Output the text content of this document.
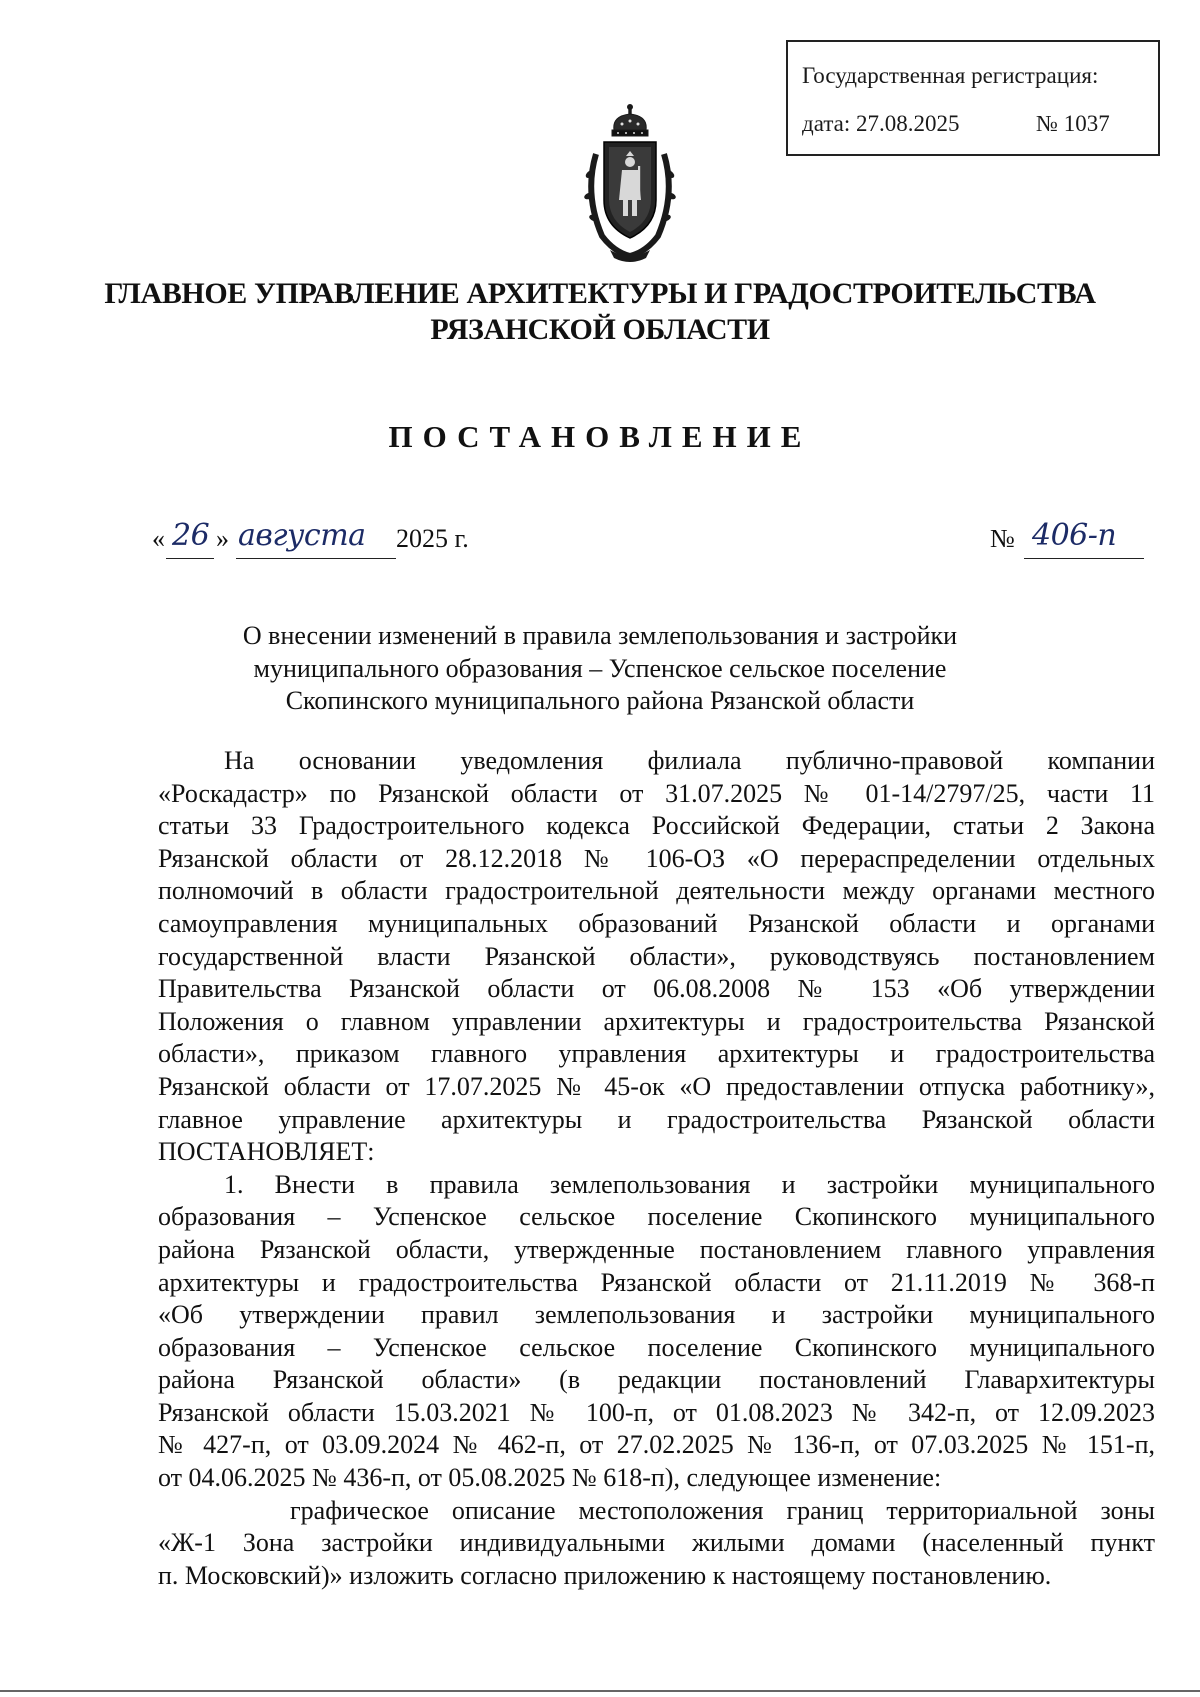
Государственная регистрация:
дата: 27.08.2025	№ 1037
ГЛАВНОЕ УПРАВЛЕНИЕ АРХИТЕКТУРЫ И ГРАДОСТРОИТЕЛЬСТВА
РЯЗАНСКОЙ ОБЛАСТИ
ПОСТАНОВЛЕНИЕ
« 26 » августа 2025 г.	№ 406-п
О внесении изменений в правила землепользования и застройки
муниципального образования – Успенское сельское поселение
Скопинского муниципального района Рязанской области
На основании уведомления филиала публично-правовой компании
«Роскадастр» по Рязанской области от 31.07.2025 № 01-14/2797/25, части 11
статьи 33 Градостроительного кодекса Российской Федерации, статьи 2 Закона
Рязанской области от 28.12.2018 № 106-ОЗ «О перераспределении отдельных
полномочий в области градостроительной деятельности между органами местного
самоуправления муниципальных образований Рязанской области и органами
государственной власти Рязанской области», руководствуясь постановлением
Правительства Рязанской области от 06.08.2008 № 153 «Об утверждении
Положения о главном управлении архитектуры и градостроительства Рязанской
области», приказом главного управления архитектуры и градостроительства
Рязанской области от 17.07.2025 № 45-ок «О предоставлении отпуска работнику»,
главное управление архитектуры и градостроительства Рязанской области
ПОСТАНОВЛЯЕТ:
1. Внести в правила землепользования и застройки муниципального
образования – Успенское сельское поселение Скопинского муниципального
района Рязанской области, утвержденные постановлением главного управления
архитектуры и градостроительства Рязанской области от 21.11.2019 № 368-п
«Об утверждении правил землепользования и застройки муниципального
образования – Успенское сельское поселение Скопинского муниципального
района Рязанской области» (в редакции постановлений Главархитектуры
Рязанской области 15.03.2021 № 100-п, от 01.08.2023 № 342-п, от 12.09.2023
№ 427-п, от 03.09.2024 № 462-п, от 27.02.2025 № 136-п, от 07.03.2025 № 151-п,
от 04.06.2025 № 436-п, от 05.08.2025 № 618-п), следующее изменение:
графическое описание местоположения границ территориальной зоны
«Ж-1 Зона застройки индивидуальными жилыми домами (населенный пункт
п. Московский)» изложить согласно приложению к настоящему постановлению.
